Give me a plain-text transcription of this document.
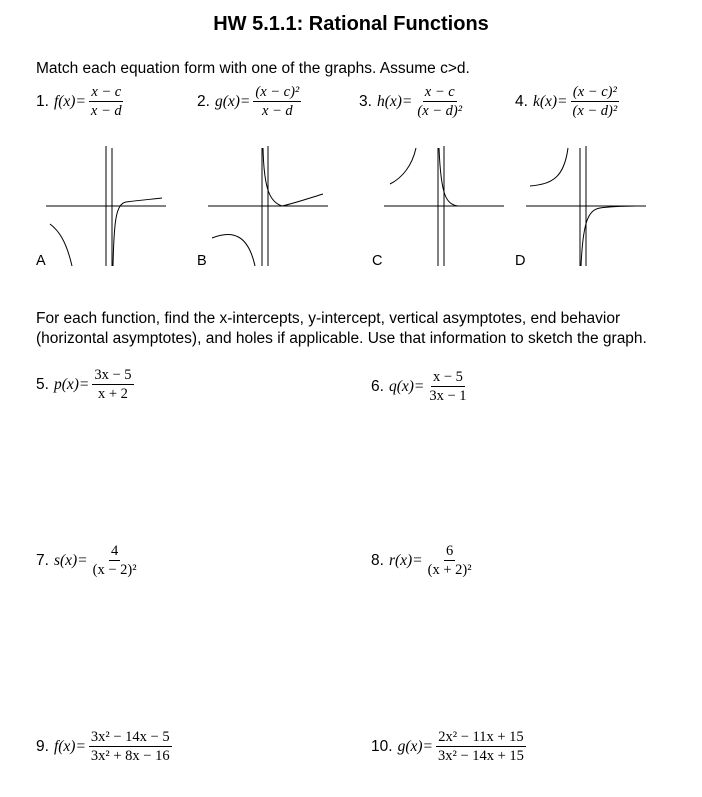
HW 5.1.1: Rational Functions
Match each equation form with one of the graphs. Assume c>d.
1. $f(x)= \frac{x - c}{x - d}$	2. $g(x)= \frac{\text{(x − c)²}}{x - d}$	3. $h(x)= \frac{x - c}{\text{(x − d)²}}$	4. $k(x)= \frac{\text{(x − c)²}}{\text{(x − d)²}}$
A	B	C	D
For each function, find the x-intercepts, y-intercept, vertical asymptotes, end behavior (horizontal asymptotes), and holes if applicable. Use that information to sketch the graph.
5. $p(x)= \frac{3x - 5}{x + 2}$	6. $q(x)= \frac{x - 5}{3x - 1}$
7. $s(x)= \frac{4}{\text{(x − 2)²}}$	8. $r(x)= \frac{6}{\text{(x + 2)²}}$
9. $f(x)= \frac{\text{3x² − 14x − 5}}{\text{3x² + 8x − 16}}$	10. $g(x)= \frac{\text{2x² − 11x + 15}}{\text{3x² − 14x + 15}}$
